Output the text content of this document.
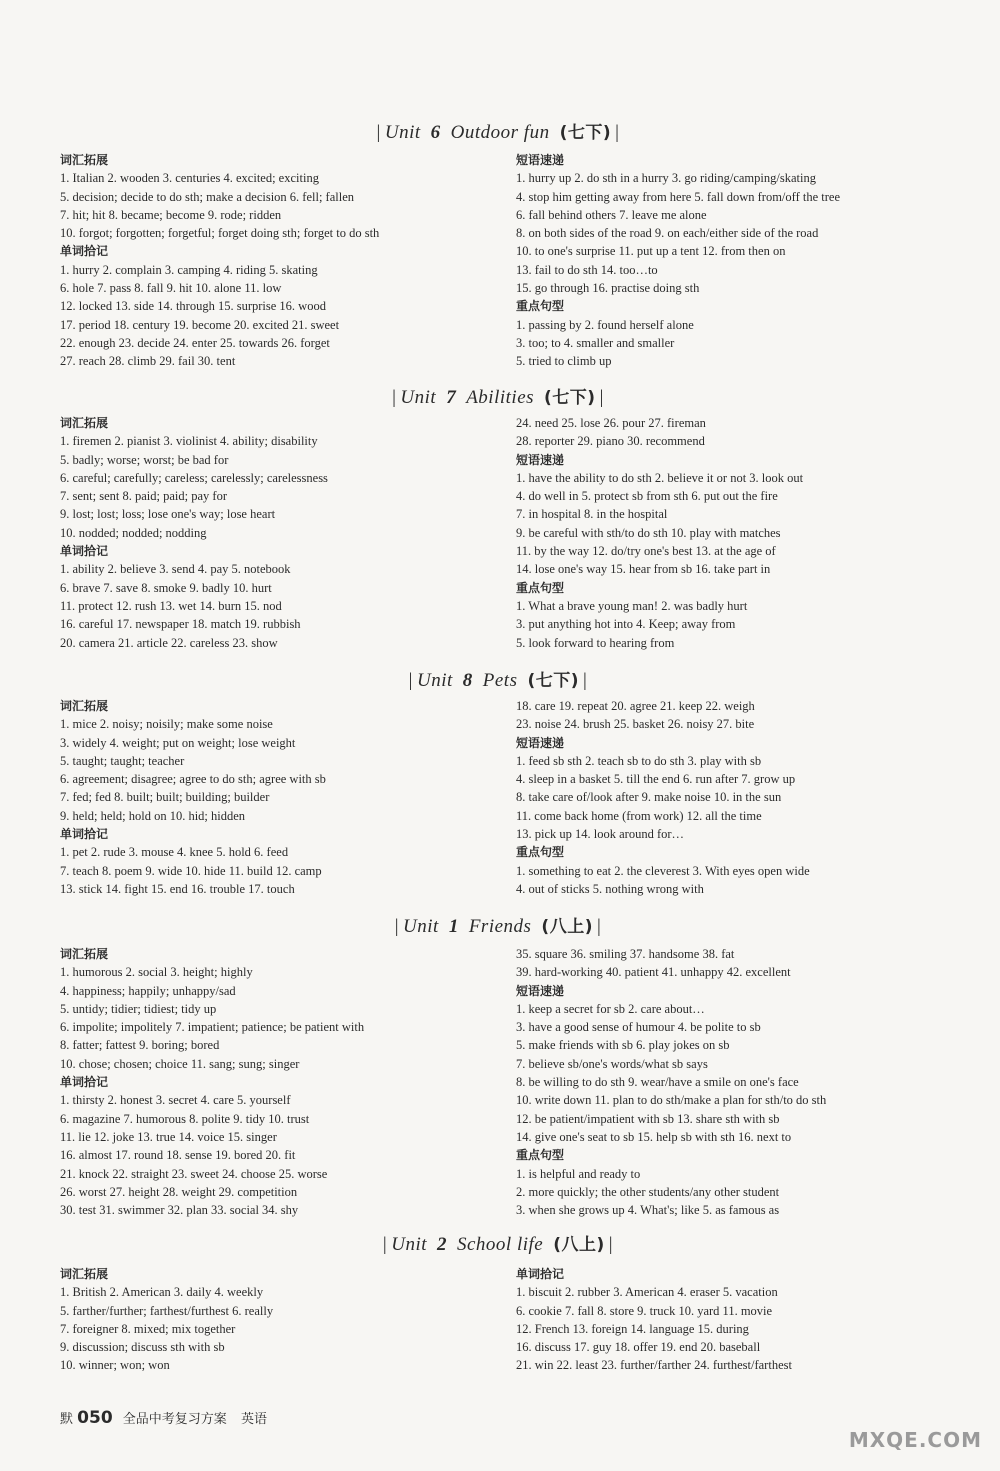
| Unit 6 Outdoor fun (七下) |
词汇拓展
1. Italian 2. wooden 3. centuries 4. excited; exciting
5. decision; decide to do sth; make a decision 6. fell; fallen
7. hit; hit 8. became; become 9. rode; ridden
10. forgot; forgotten; forgetful; forget doing sth; forget to do sth
单词拾记
1. hurry 2. complain 3. camping 4. riding 5. skating
6. hole 7. pass 8. fall 9. hit 10. alone 11. low
12. locked 13. side 14. through 15. surprise 16. wood
17. period 18. century 19. become 20. excited 21. sweet
22. enough 23. decide 24. enter 25. towards 26. forget
27. reach 28. climb 29. fail 30. tent
短语速递
1. hurry up 2. do sth in a hurry 3. go riding/camping/skating
4. stop him getting away from here 5. fall down from/off the tree
6. fall behind others 7. leave me alone
8. on both sides of the road 9. on each/either side of the road
10. to one's surprise 11. put up a tent 12. from then on
13. fail to do sth 14. too…to
15. go through 16. practise doing sth
重点句型
1. passing by 2. found herself alone
3. too; to 4. smaller and smaller
5. tried to climb up
| Unit 7 Abilities (七下) |
词汇拓展
1. firemen 2. pianist 3. violinist 4. ability; disability
5. badly; worse; worst; be bad for
6. careful; carefully; careless; carelessly; carelessness
7. sent; sent 8. paid; paid; pay for
9. lost; lost; loss; lose one's way; lose heart
10. nodded; nodded; nodding
单词拾记
1. ability 2. believe 3. send 4. pay 5. notebook
6. brave 7. save 8. smoke 9. badly 10. hurt
11. protect 12. rush 13. wet 14. burn 15. nod
16. careful 17. newspaper 18. match 19. rubbish
20. camera 21. article 22. careless 23. show
24. need 25. lose 26. pour 27. fireman
28. reporter 29. piano 30. recommend
短语速递
1. have the ability to do sth 2. believe it or not 3. look out
4. do well in 5. protect sb from sth 6. put out the fire
7. in hospital 8. in the hospital
9. be careful with sth/to do sth 10. play with matches
11. by the way 12. do/try one's best 13. at the age of
14. lose one's way 15. hear from sb 16. take part in
重点句型
1. What a brave young man! 2. was badly hurt
3. put anything hot into 4. Keep; away from
5. look forward to hearing from
| Unit 8 Pets (七下) |
词汇拓展
1. mice 2. noisy; noisily; make some noise
3. widely 4. weight; put on weight; lose weight
5. taught; taught; teacher
6. agreement; disagree; agree to do sth; agree with sb
7. fed; fed 8. built; built; building; builder
9. held; held; hold on 10. hid; hidden
单词拾记
1. pet 2. rude 3. mouse 4. knee 5. hold 6. feed
7. teach 8. poem 9. wide 10. hide 11. build 12. camp
13. stick 14. fight 15. end 16. trouble 17. touch
18. care 19. repeat 20. agree 21. keep 22. weigh
23. noise 24. brush 25. basket 26. noisy 27. bite
短语速递
1. feed sb sth 2. teach sb to do sth 3. play with sb
4. sleep in a basket 5. till the end 6. run after 7. grow up
8. take care of/look after 9. make noise 10. in the sun
11. come back home (from work) 12. all the time
13. pick up 14. look around for…
重点句型
1. something to eat 2. the cleverest 3. With eyes open wide
4. out of sticks 5. nothing wrong with
| Unit 1 Friends (八上) |
词汇拓展
1. humorous 2. social 3. height; highly
4. happiness; happily; unhappy/sad
5. untidy; tidier; tidiest; tidy up
6. impolite; impolitely 7. impatient; patience; be patient with
8. fatter; fattest 9. boring; bored
10. chose; chosen; choice 11. sang; sung; singer
单词拾记
1. thirsty 2. honest 3. secret 4. care 5. yourself
6. magazine 7. humorous 8. polite 9. tidy 10. trust
11. lie 12. joke 13. true 14. voice 15. singer
16. almost 17. round 18. sense 19. bored 20. fit
21. knock 22. straight 23. sweet 24. choose 25. worse
26. worst 27. height 28. weight 29. competition
30. test 31. swimmer 32. plan 33. social 34. shy
35. square 36. smiling 37. handsome 38. fat
39. hard-working 40. patient 41. unhappy 42. excellent
短语速递
1. keep a secret for sb 2. care about…
3. have a good sense of humour 4. be polite to sb
5. make friends with sb 6. play jokes on sb
7. believe sb/one's words/what sb says
8. be willing to do sth 9. wear/have a smile on one's face
10. write down 11. plan to do sth/make a plan for sth/to do sth
12. be patient/impatient with sb 13. share sth with sb
14. give one's seat to sb 15. help sb with sth 16. next to
重点句型
1. is helpful and ready to
2. more quickly; the other students/any other student
3. when she grows up 4. What's; like 5. as famous as
| Unit 2 School life (八上) |
词汇拓展
1. British 2. American 3. daily 4. weekly
5. farther/further; farthest/furthest 6. really
7. foreigner 8. mixed; mix together
9. discussion; discuss sth with sb
10. winner; won; won
单词拾记
1. biscuit 2. rubber 3. American 4. eraser 5. vacation
6. cookie 7. fall 8. store 9. truck 10. yard 11. movie
12. French 13. foreign 14. language 15. during
16. discuss 17. guy 18. offer 19. end 20. baseball
21. win 22. least 23. further/farther 24. furthest/farthest
默 050 全品中考复习方案 英语
MXQE.COM
